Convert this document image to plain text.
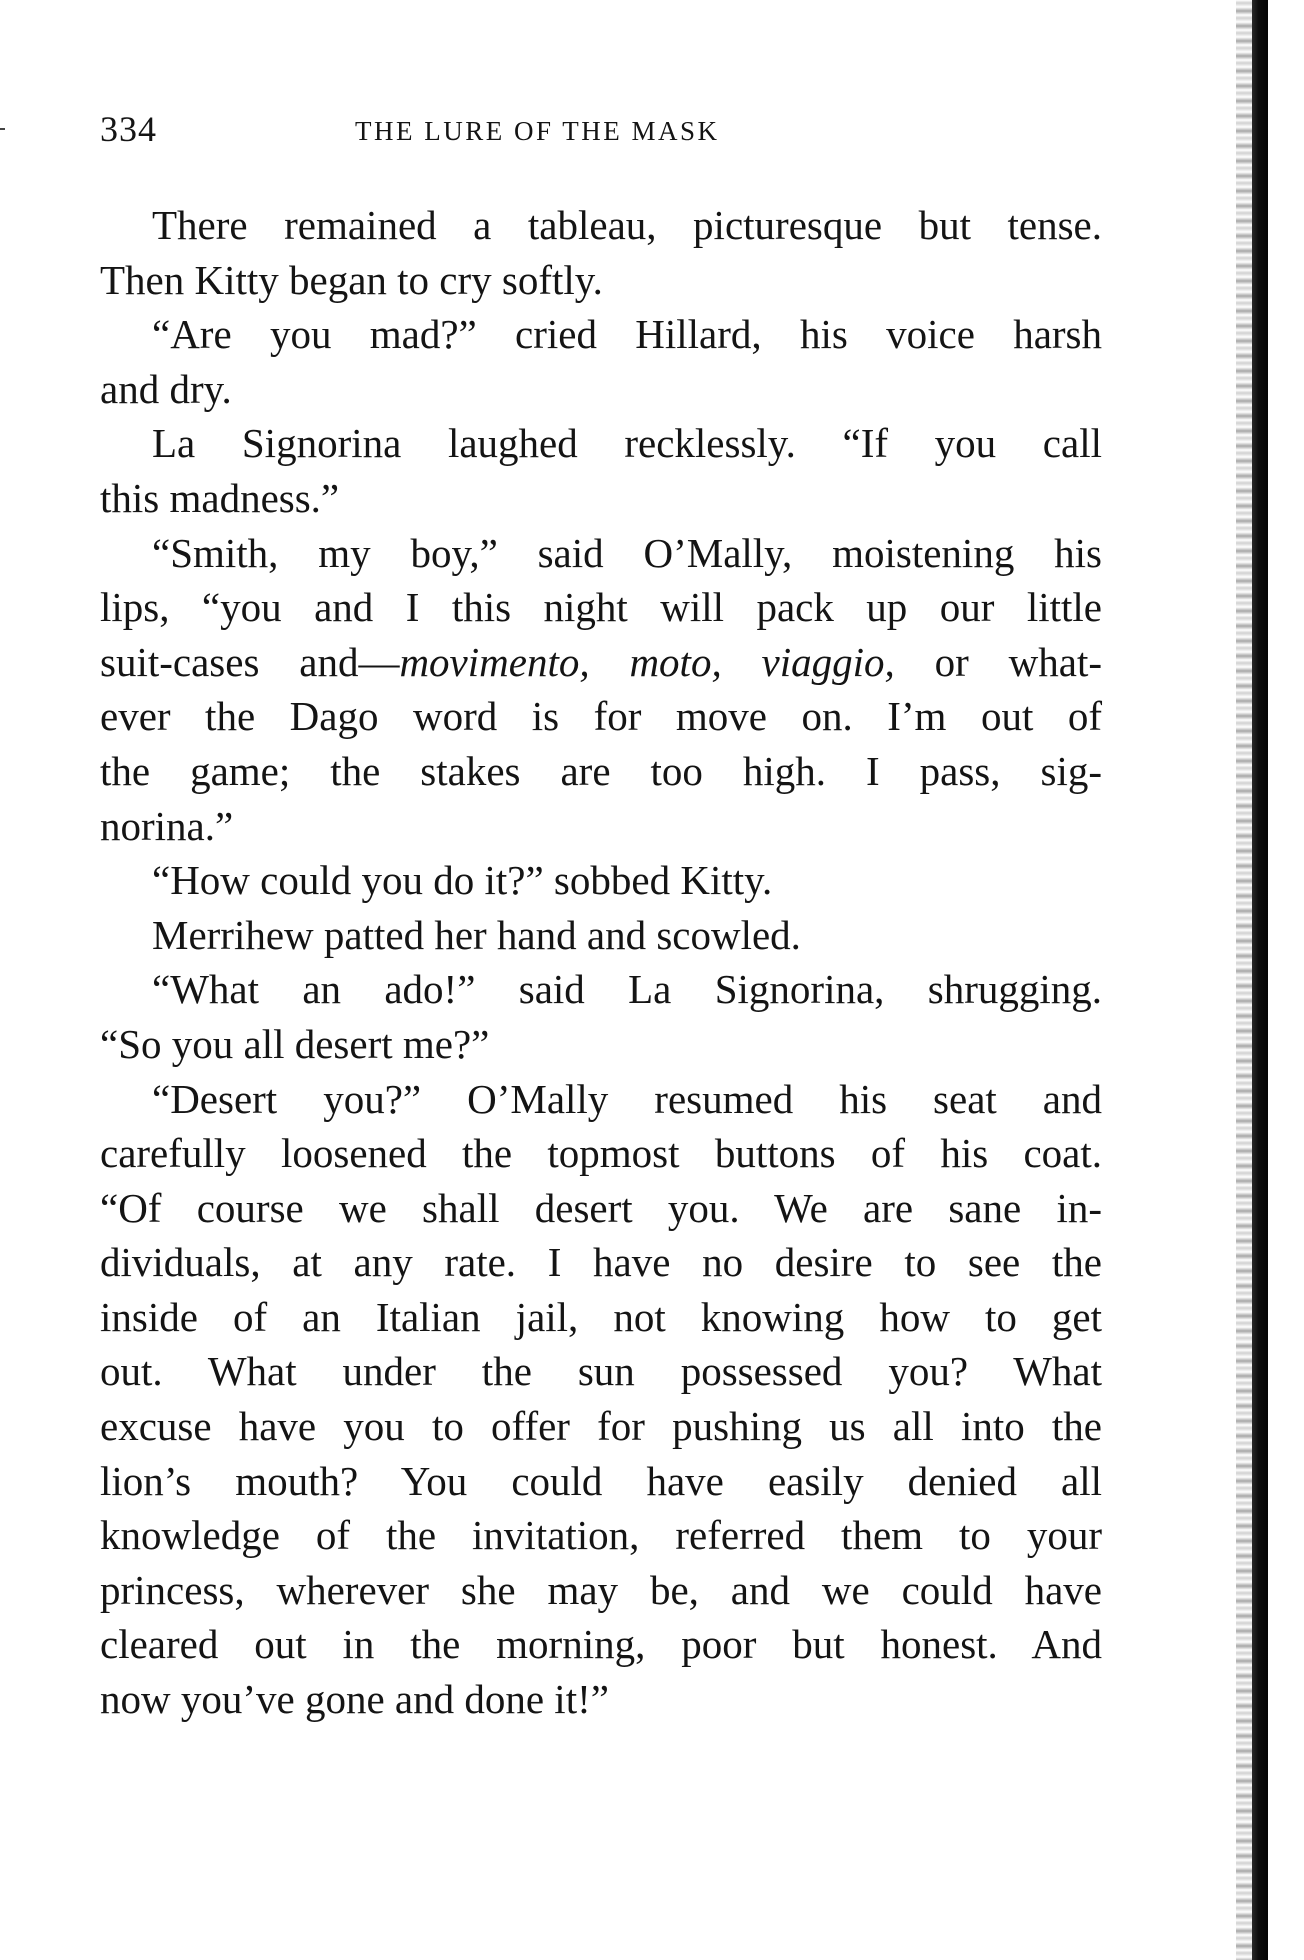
334	THE LURE OF THE MASK
There remained a tableau, picturesque but tense.
Then Kitty began to cry softly.
“Are you mad?” cried Hillard, his voice harsh
and dry.
La Signorina laughed recklessly. “If you call
this madness.”
“Smith, my boy,” said O’Mally, moistening his
lips, “you and I this night will pack up our little
suit-cases and—movimento, moto, viaggio, or what-
ever the Dago word is for move on. I’m out of
the game; the stakes are too high. I pass, sig-
norina.”
“How could you do it?” sobbed Kitty.
Merrihew patted her hand and scowled.
“What an ado!” said La Signorina, shrugging.
“So you all desert me?”
“Desert you?” O’Mally resumed his seat and
carefully loosened the topmost buttons of his coat.
“Of course we shall desert you. We are sane in-
dividuals, at any rate. I have no desire to see the
inside of an Italian jail, not knowing how to get
out. What under the sun possessed you? What
excuse have you to offer for pushing us all into the
lion’s mouth? You could have easily denied all
knowledge of the invitation, referred them to your
princess, wherever she may be, and we could have
cleared out in the morning, poor but honest. And
now you’ve gone and done it!”
